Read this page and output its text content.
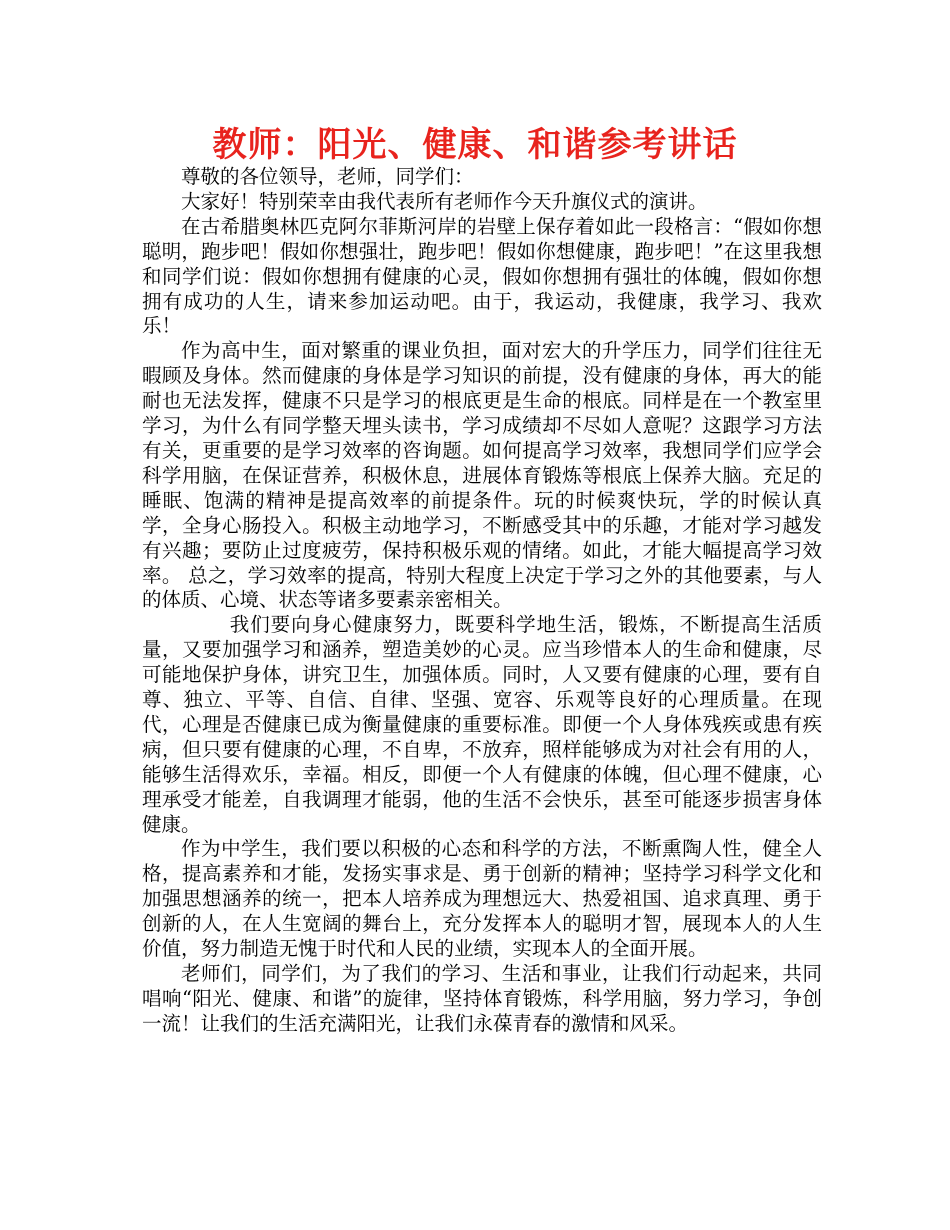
教师：阳光、健康、和谐参考讲话

尊敬的各位领导，老师，同学们：

大家好！特别荣幸由我代表所有老师作今天升旗仪式的演讲。

在古希腊奥林匹克阿尔菲斯河岸的岩壁上保存着如此一段格言：“假如你想聪明，跑步吧！假如你想强壮，跑步吧！假如你想健康，跑步吧！”在这里我想和同学们说：假如你想拥有健康的心灵，假如你想拥有强壮的体魄，假如你想拥有成功的人生，请来参加运动吧。由于，我运动，我健康，我学习、我欢乐！

作为高中生，面对繁重的课业负担，面对宏大的升学压力，同学们往往无暇顾及身体。然而健康的身体是学习知识的前提，没有健康的身体，再大的能耐也无法发挥，健康不只是学习的根底更是生命的根底。同样是在一个教室里学习，为什么有同学整天埋头读书，学习成绩却不尽如人意呢？这跟学习方法有关，更重要的是学习效率的咨询题。如何提高学习效率，我想同学们应学会科学用脑，在保证营养，积极休息，进展体育锻炼等根底上保养大脑。充足的睡眠、饱满的精神是提高效率的前提条件。玩的时候爽快玩，学的时候认真学，全身心肠投入。积极主动地学习，不断感受其中的乐趣，才能对学习越发有兴趣；要防止过度疲劳，保持积极乐观的情绪。如此，才能大幅提高学习效率。 总之，学习效率的提高，特别大程度上决定于学习之外的其他要素，与人的体质、心境、状态等诸多要素亲密相关。

我们要向身心健康努力，既要科学地生活，锻炼，不断提高生活质量，又要加强学习和涵养，塑造美妙的心灵。应当珍惜本人的生命和健康，尽可能地保护身体，讲究卫生，加强体质。同时，人又要有健康的心理，要有自尊、独立、平等、自信、自律、坚强、宽容、乐观等良好的心理质量。在现代，心理是否健康已成为衡量健康的重要标准。即便一个人身体残疾或患有疾病，但只要有健康的心理，不自卑，不放弃，照样能够成为对社会有用的人，能够生活得欢乐，幸福。相反，即便一个人有健康的体魄，但心理不健康，心理承受才能差，自我调理才能弱，他的生活不会快乐，甚至可能逐步损害身体健康。

作为中学生，我们要以积极的心态和科学的方法，不断熏陶人性，健全人格，提高素养和才能，发扬实事求是、勇于创新的精神；坚持学习科学文化和加强思想涵养的统一，把本人培养成为理想远大、热爱祖国、追求真理、勇于创新的人，在人生宽阔的舞台上，充分发挥本人的聪明才智，展现本人的人生价值，努力制造无愧于时代和人民的业绩，实现本人的全面开展。

老师们，同学们，为了我们的学习、生活和事业，让我们行动起来，共同唱响“阳光、健康、和谐”的旋律，坚持体育锻炼，科学用脑，努力学习，争创一流！让我们的生活充满阳光，让我们永葆青春的激情和风采。
